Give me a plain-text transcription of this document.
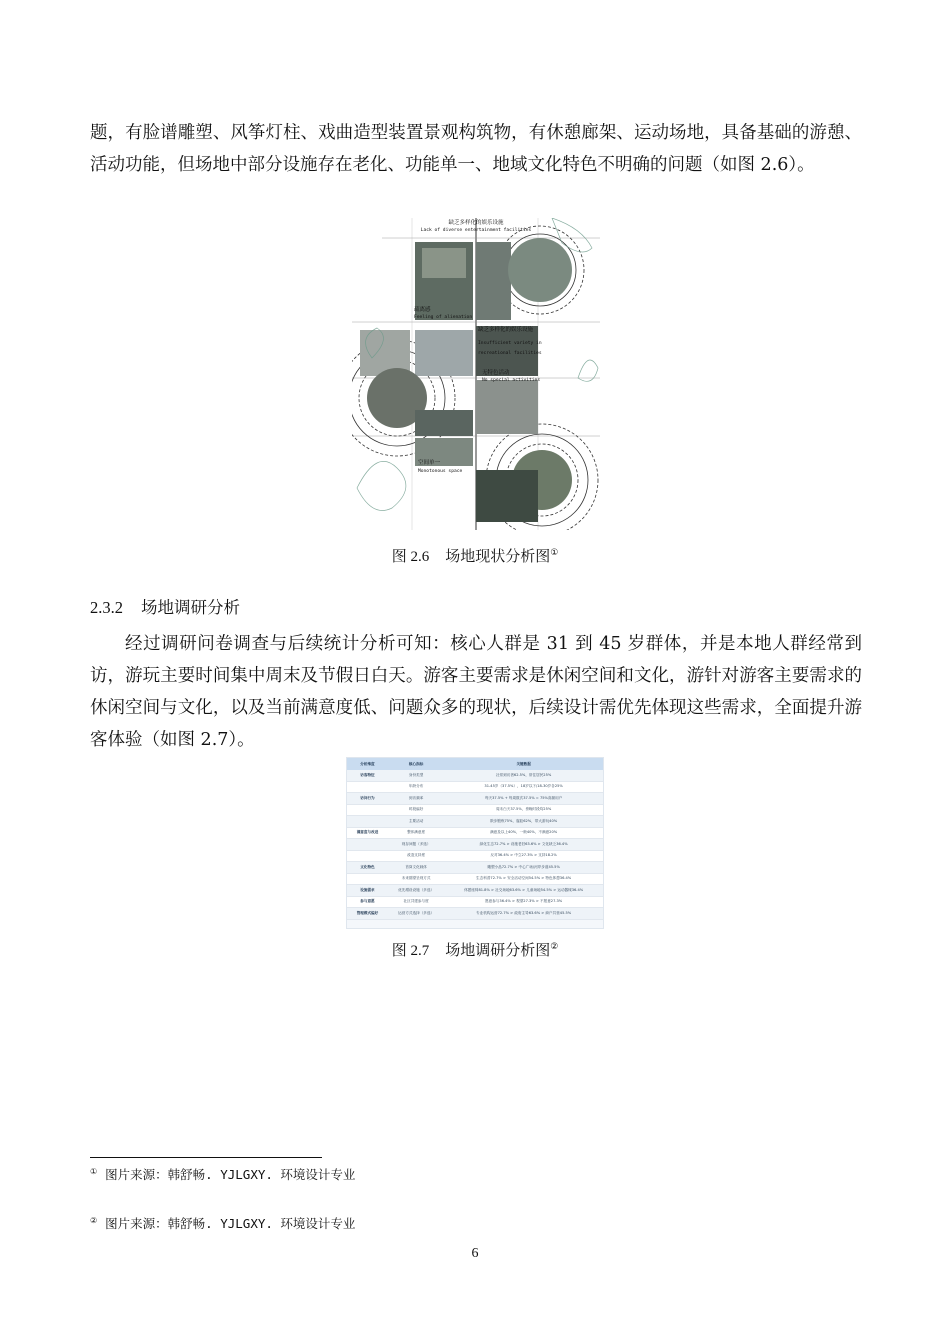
题，有脸谱雕塑、风筝灯柱、戏曲造型装置景观构筑物，有休憩廊架、运动场地，具备基础的游憩、活动功能，但场地中部分设施存在老化、功能单一、地域文化特色不明确的问题（如图 2.6）。

缺乏多样化的娱乐设施
Lack of diverse entertainment facilities
疏离感
Feeling of alienation
缺乏多样化的娱乐设施
Insufficient variety in
recreational facilities
无特色活动
No special activities
空间单一
Monotonous space
图 2.6 场地现状分析图①
2.3.2 场地调研分析

经过调研问卷调查与后续统计分析可知：核心人群是 31 到 45 岁群体，并是本地人群经常到访，游玩主要时间集中周末及节假日白天。游客主要需求是休闲空间和文化，游针对游客主要需求的休闲空间与文化，以及当前满意度低、问题众多的现状，后续设计需优先体现这些需求，全面提升游客体验（如图 2.7）。

分析维度	核心指标	关键数据
访客特征	身份类型	社常到访者62.5%，常住居民25%
	年龄分布	31-45岁（37.5%），18岁以下/18-30岁各25%
访问行为	到访频率	每天37.5% + 每周数次37.5% = 75%高频用户
	时段偏好	周末白天37.5%，傍晚时段均25%
	主要活动	散步锻炼75%，遛娃62%，带大游玩40%
满意度与改进	整体满意度	满意及以上40%，一般40%，不满意20%
	现存问题（多选）	绿化生态72.7% > 设施老旧63.6% > 文化缺乏36.4%
	改造支持度	反对36.4% > 中立27.3% > 支持18.2%
文化特色	首岗文化载体	雕塑小品72.7% > 中心广场/河岸步道45.5%
	未来期望呈现方式	生态科普72.7% > 安全活动空间54.5% > 特色休憩36.4%
设施需求	优先增设设施（多选）	休憩座椅81.8% > 社交场地63.6% > 儿童场地54.5% > 运动器械36.4%
参与意愿	社区共建参与度	愿意参与36.4% > 观望27.3% > 不愿意27.3%
管理模式偏好	运营方式选择（多选）	专业机构运营72.7% > 政府主导63.6% > 商户共营45.5%
图 2.7 场地调研分析图②
① 图片来源：韩舒畅. YJLGXY. 环境设计专业
② 图片来源：韩舒畅. YJLGXY. 环境设计专业
6
